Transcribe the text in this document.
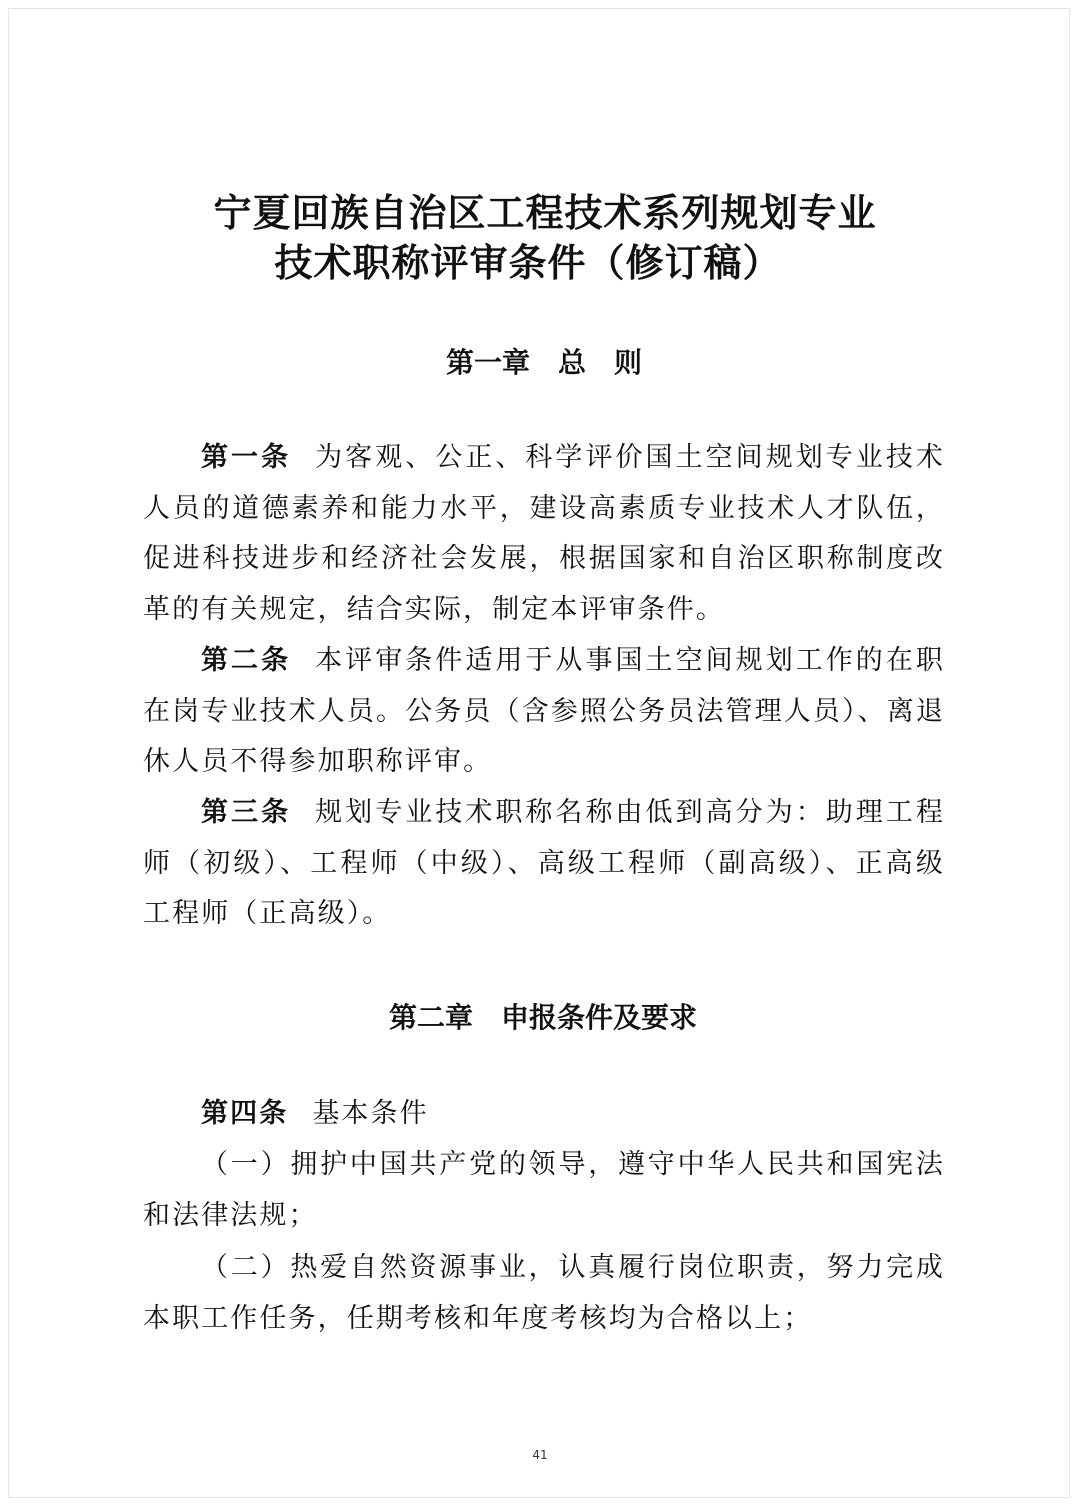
宁夏回族自治区工程技术系列规划专业
技术职称评审条件（修订稿）
第一章　总　则

第一条 为客观、公正、科学评价国土空间规划专业技术人员的道德素养和能力水平，建设高素质专业技术人才队伍，促进科技进步和经济社会发展，根据国家和自治区职称制度改革的有关规定，结合实际，制定本评审条件。

第二条 本评审条件适用于从事国土空间规划工作的在职在岗专业技术人员。公务员（含参照公务员法管理人员）、离退休人员不得参加职称评审。

第三条 规划专业技术职称名称由低到高分为：助理工程师（初级）、工程师（中级）、高级工程师（副高级）、正高级工程师（正高级）。

第二章　申报条件及要求

第四条 基本条件

（一）拥护中国共产党的领导，遵守中华人民共和国宪法和法律法规；

（二）热爱自然资源事业，认真履行岗位职责，努力完成本职工作任务，任期考核和年度考核均为合格以上；

41
